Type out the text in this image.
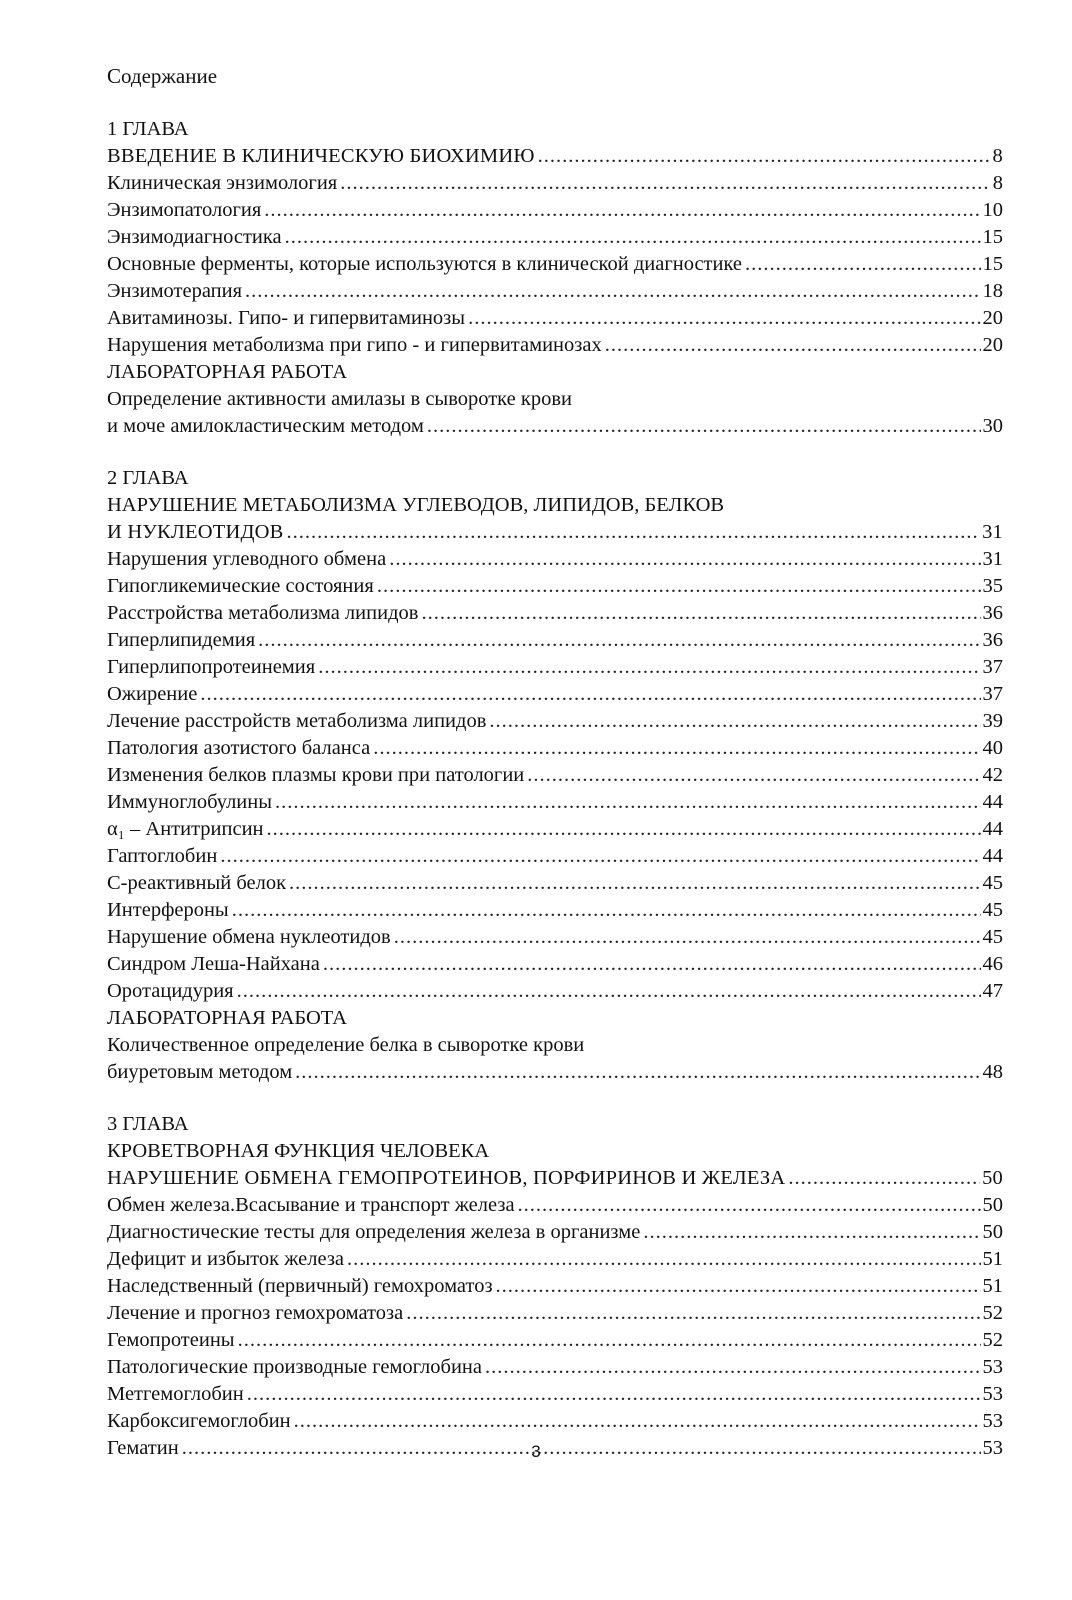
Содержание
1 ГЛАВА
ВВЕДЕНИЕ В КЛИНИЧЕСКУЮ БИОХИМИЮ .....	8
Клиническая энзимология .....	8
Энзимопатология .....	10
Энзимодиагностика .....	15
Основные ферменты, которые используются в клинической диагностике .....	15
Энзимотерапия .....	18
Авитаминозы. Гипо- и гипервитаминозы .....	20
Нарушения метаболизма при гипо - и гипервитаминозах .....	20
ЛАБОРАТОРНАЯ РАБОТА
Определение активности амилазы в сыворотке крови
и моче амилокластическим методом .....	30
2 ГЛАВА
НАРУШЕНИЕ МЕТАБОЛИЗМА УГЛЕВОДОВ, ЛИПИДОВ, БЕЛКОВ
И НУКЛЕОТИДОВ .....	31
Нарушения углеводного обмена .....	31
Гипогликемические состояния .....	35
Расстройства метаболизма липидов .....	36
Гиперлипидемия .....	36
Гиперлипопротеинемия .....	37
Ожирение .....	37
Лечение расстройств метаболизма липидов .....	39
Патология азотистого баланса .....	40
Изменения белков плазмы крови при патологии .....	42
Иммуноглобулины .....	44
α₁ – Антитрипсин .....	44
Гаптоглобин .....	44
С-реактивный белок .....	45
Интерфероны .....	45
Нарушение обмена нуклеотидов .....	45
Синдром Леша-Найхана .....	46
Оротацидурия .....	47
ЛАБОРАТОРНАЯ РАБОТА
Количественное определение белка в сыворотке крови
биуретовым методом .....	48
3 ГЛАВА
КРОВЕТВОРНАЯ ФУНКЦИЯ ЧЕЛОВЕКА
НАРУШЕНИЕ ОБМЕНА ГЕМОПРОТЕИНОВ, ПОРФИРИНОВ И ЖЕЛЕЗА .....	50
Обмен железа.Всасывание и транспорт железа .....	50
Диагностические тесты для определения железа в организме .....	50
Дефицит и избыток железа .....	51
Наследственный (первичный) гемохроматоз .....	51
Лечение и прогноз гемохроматоза .....	52
Гемопротеины .....	52
Патологические производные гемоглобина .....	53
Метгемоглобин .....	53
Карбоксигемоглобин .....	53
Гематин .....	53
3
